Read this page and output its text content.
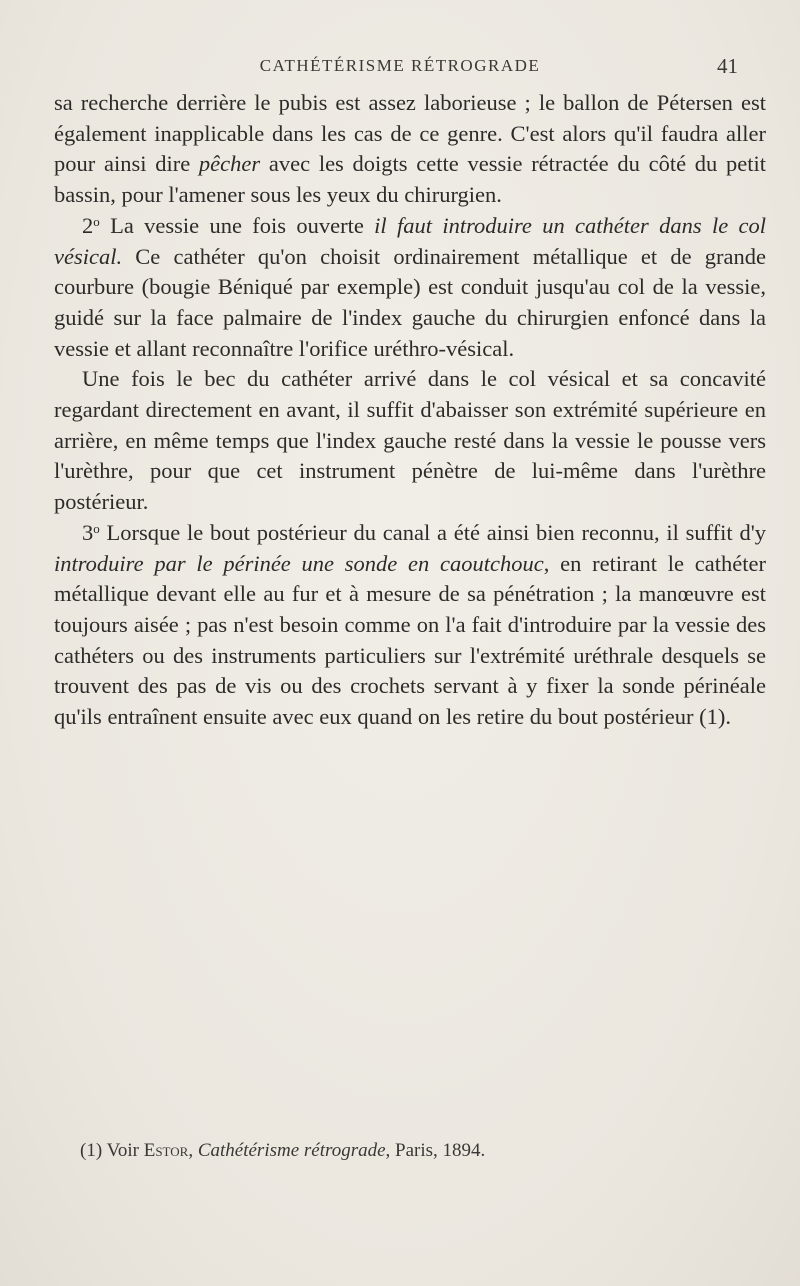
CATHÉTÉRISME RÉTROGRADE	41

sa recherche derrière le pubis est assez laborieuse ; le ballon de Pétersen est également inapplicable dans les cas de ce genre. C'est alors qu'il faudra aller pour ainsi dire pêcher avec les doigts cette vessie rétractée du côté du petit bassin, pour l'amener sous les yeux du chirurgien.

2$^o$ La vessie une fois ouverte il faut introduire un cathéter dans le col vésical. Ce cathéter qu'on choisit ordinairement métallique et de grande courbure (bougie Béniqué par exemple) est conduit jusqu'au col de la vessie, guidé sur la face palmaire de l'index gauche du chirurgien enfoncé dans la vessie et allant reconnaître l'orifice uréthro-vésical.

Une fois le bec du cathéter arrivé dans le col vésical et sa concavité regardant directement en avant, il suffit d'abaisser son extrémité supérieure en arrière, en même temps que l'index gauche resté dans la vessie le pousse vers l'urèthre, pour que cet instrument pénètre de lui-même dans l'urèthre postérieur.

3$^o$ Lorsque le bout postérieur du canal a été ainsi bien reconnu, il suffit d'y introduire par le périnée une sonde en caoutchouc, en retirant le cathéter métallique devant elle au fur et à mesure de sa pénétration ; la manœuvre est toujours aisée ; pas n'est besoin comme on l'a fait d'introduire par la vessie des cathéters ou des instruments particuliers sur l'extrémité uréthrale desquels se trouvent des pas de vis ou des crochets servant à y fixer la sonde périnéale qu'ils entraînent ensuite avec eux quand on les retire du bout postérieur (1).

(1) Voir Estor, Cathétérisme rétrograde, Paris, 1894.
